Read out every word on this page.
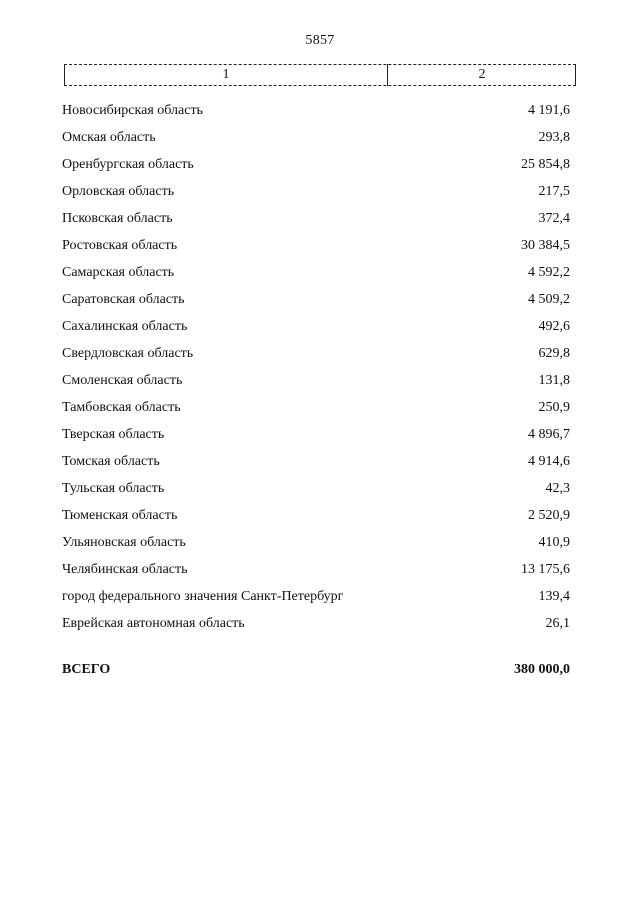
5857
1	2
Новосибирская область	4 191,6
Омская область	293,8
Оренбургская область	25 854,8
Орловская область	217,5
Псковская область	372,4
Ростовская область	30 384,5
Самарская область	4 592,2
Саратовская область	4 509,2
Сахалинская область	492,6
Свердловская область	629,8
Смоленская область	131,8
Тамбовская область	250,9
Тверская область	4 896,7
Томская область	4 914,6
Тульская область	42,3
Тюменская область	2 520,9
Ульяновская область	410,9
Челябинская область	13 175,6
город федерального значения Санкт-Петербург	139,4
Еврейская автономная область	26,1
ВСЕГО	380 000,0
